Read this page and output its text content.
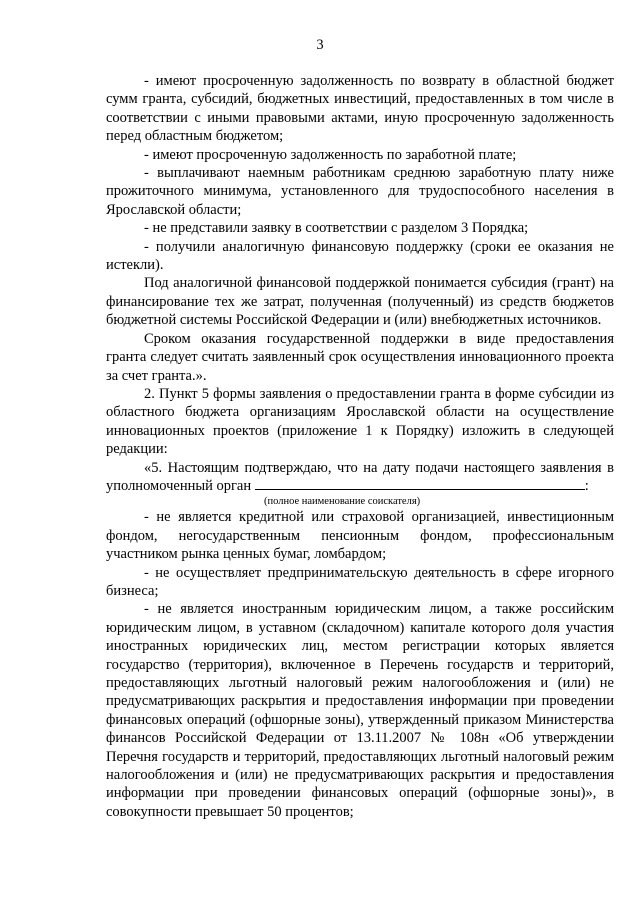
3

- имеют просроченную задолженность по возврату в областной бюджет сумм гранта, субсидий, бюджетных инвестиций, предоставленных в том числе в соответствии с иными правовыми актами, иную просроченную задолженность перед областным бюджетом;

- имеют просроченную задолженность по заработной плате;

- выплачивают наемным работникам среднюю заработную плату ниже прожиточного минимума, установленного для трудоспособного населения в Ярославской области;

- не представили заявку в соответствии с разделом 3 Порядка;

- получили аналогичную финансовую поддержку (сроки ее оказания не истекли).

Под аналогичной финансовой поддержкой понимается субсидия (грант) на финансирование тех же затрат, полученная (полученный) из средств бюджетов бюджетной системы Российской Федерации и (или) внебюджетных источников.

Сроком оказания государственной поддержки в виде предоставления гранта следует считать заявленный срок осуществления инновационного проекта за счет гранта.».

2. Пункт 5 формы заявления о предоставлении гранта в форме субсидии из областного бюджета организациям Ярославской области на осуществление инновационных проектов (приложение 1 к Порядку) изложить в следующей редакции:

«5. Настоящим подтверждаю, что на дату подачи настоящего заявления в уполномоченный орган	:

(полное наименование соискателя)

- не является кредитной или страховой организацией, инвестиционным фондом, негосударственным пенсионным фондом, профессиональным участником рынка ценных бумаг, ломбардом;

- не осуществляет предпринимательскую деятельность в сфере игорного бизнеса;

- не является иностранным юридическим лицом, а также российским юридическим лицом, в уставном (складочном) капитале которого доля участия иностранных юридических лиц, местом регистрации которых является государство (территория), включенное в Перечень государств и территорий, предоставляющих льготный налоговый режим налогообложения и (или) не предусматривающих раскрытия и предоставления информации при проведении финансовых операций (офшорные зоны), утвержденный приказом Министерства финансов Российской Федерации от 13.11.2007 № 108н «Об утверждении Перечня государств и территорий, предоставляющих льготный налоговый режим налогообложения и (или) не предусматривающих раскрытия и предоставления информации при проведении финансовых операций (офшорные зоны)», в совокупности превышает 50 процентов;
